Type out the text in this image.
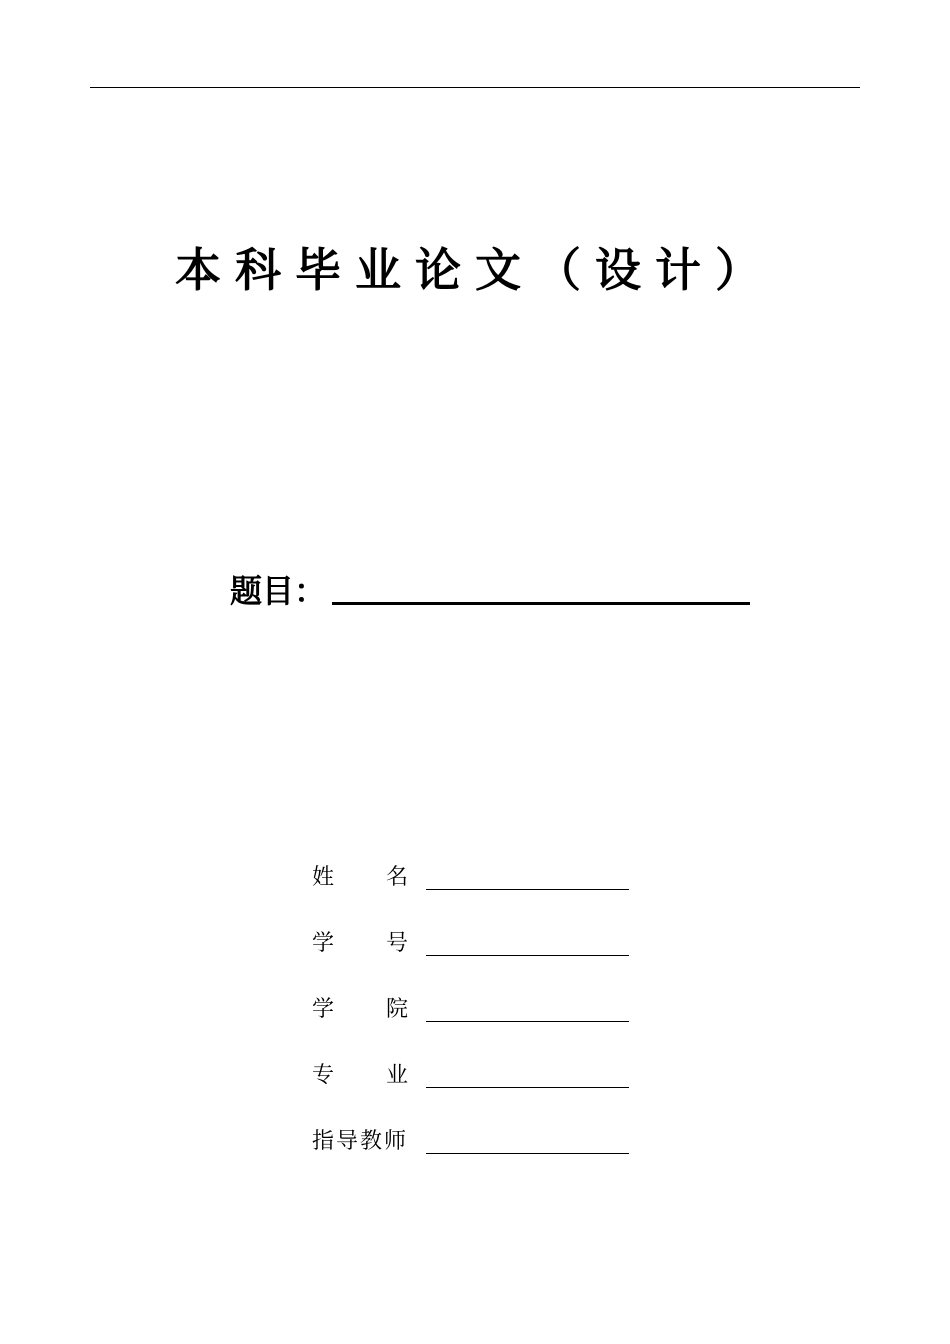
本科毕业论文（设计）
题目：
姓名
学号
学院
专业
指导教师
